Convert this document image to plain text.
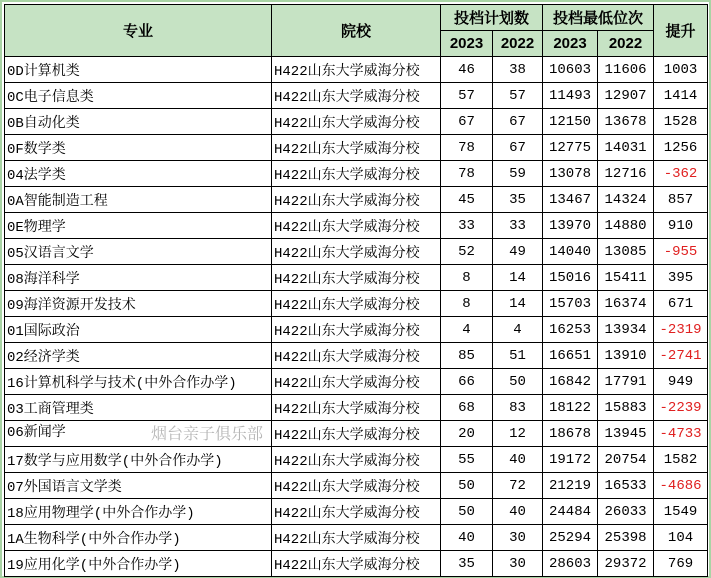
专业	院校	投档计划数		投档最低位次		提升
		2023	2022	2023	2022	
0D计算机类	H422山东大学威海分校	46	38	10603	11606	1003
0C电子信息类	H422山东大学威海分校	57	57	11493	12907	1414
0B自动化类	H422山东大学威海分校	67	67	12150	13678	1528
0F数学类	H422山东大学威海分校	78	67	12775	14031	1256
04法学类	H422山东大学威海分校	78	59	13078	12716	-362
0A智能制造工程	H422山东大学威海分校	45	35	13467	14324	857
0E物理学	H422山东大学威海分校	33	33	13970	14880	910
05汉语言文学	H422山东大学威海分校	52	49	14040	13085	-955
08海洋科学	H422山东大学威海分校	8	14	15016	15411	395
09海洋资源开发技术	H422山东大学威海分校	8	14	15703	16374	671
01国际政治	H422山东大学威海分校	4	4	16253	13934	-2319
02经济学类	H422山东大学威海分校	85	51	16651	13910	-2741
16计算机科学与技术(中外合作办学)	H422山东大学威海分校	66	50	16842	17791	949
03工商管理类	H422山东大学威海分校	68	83	18122	15883	-2239

烟台亲子俱乐部
06新闻学	H422山东大学威海分校	20	12	18678	13945	-4733
17数学与应用数学(中外合作办学)	H422山东大学威海分校	55	40	19172	20754	1582
07外国语言文学类	H422山东大学威海分校	50	72	21219	16533	-4686
18应用物理学(中外合作办学)	H422山东大学威海分校	50	40	24484	26033	1549
1A生物科学(中外合作办学)	H422山东大学威海分校	40	30	25294	25398	104
19应用化学(中外合作办学)	H422山东大学威海分校	35	30	28603	29372	769
